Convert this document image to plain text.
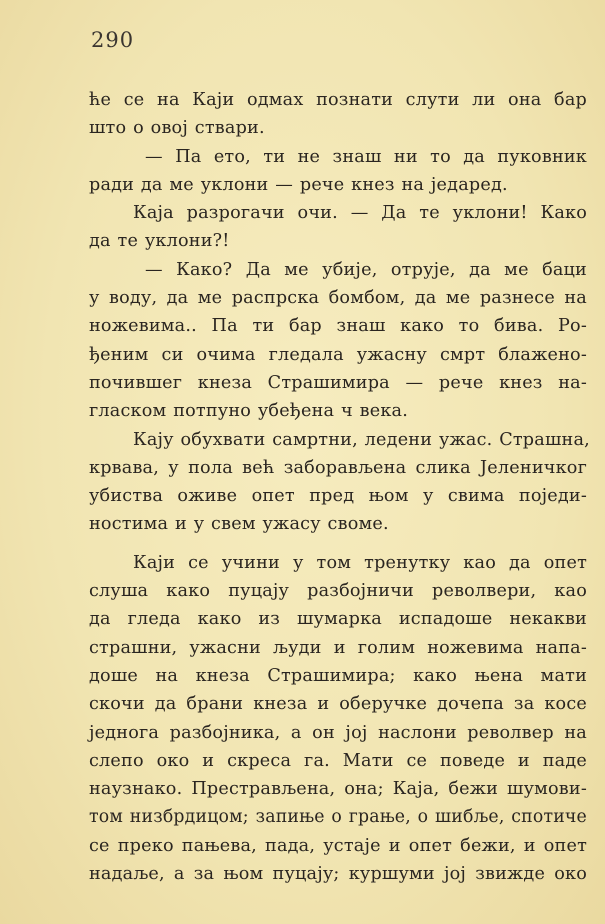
290
ће се на Каји одмах познати слути ли она бар
што о овој ствари.
— Па ето, ти не знаш ни то да пуковник
ради да ме уклони — рече кнез на једаред.
Каја разрогачи очи. — Да те уклони! Како
да те уклони?!
— Како? Да ме убије, отрује, да ме баци
у воду, да ме распрска бомбом, да ме разнесе на
ножевима.. Па ти бар знаш како то бива. Ро-
ђеним си очима гледала ужасну смрт блажено-
почившег кнеза Страшимира — рече кнез на-
гласком потпуно убеђена ч века.
Кају обухвати самртни, ледени ужас. Страшна,
крвава, у пола већ заборављена слика Јеленичког
убиства оживе опет пред њом у свима поједи-
ностима и у свем ужасу своме.
Каји се учини у том тренутку као да опет
слуша како пуцају разбојничи револвери, као
да гледа како из шумарка испадоше некакви
страшни, ужасни људи и голим ножевима напа-
доше на кнеза Страшимира; како њена мати
скочи да брани кнеза и оберучке дочепа за косе
једнога разбојника, а он јој наслони револвер на
слепо око и скреса га. Мати се поведе и паде
наузнако. Престрављена, она; Каја, бежи шумови-
том низбрдицом; запиње о грање, о шибље, спотиче
се преко пањева, пада, устаје и опет бежи, и опет
надаље, а за њом пуцају; куршуми јој звижде око
